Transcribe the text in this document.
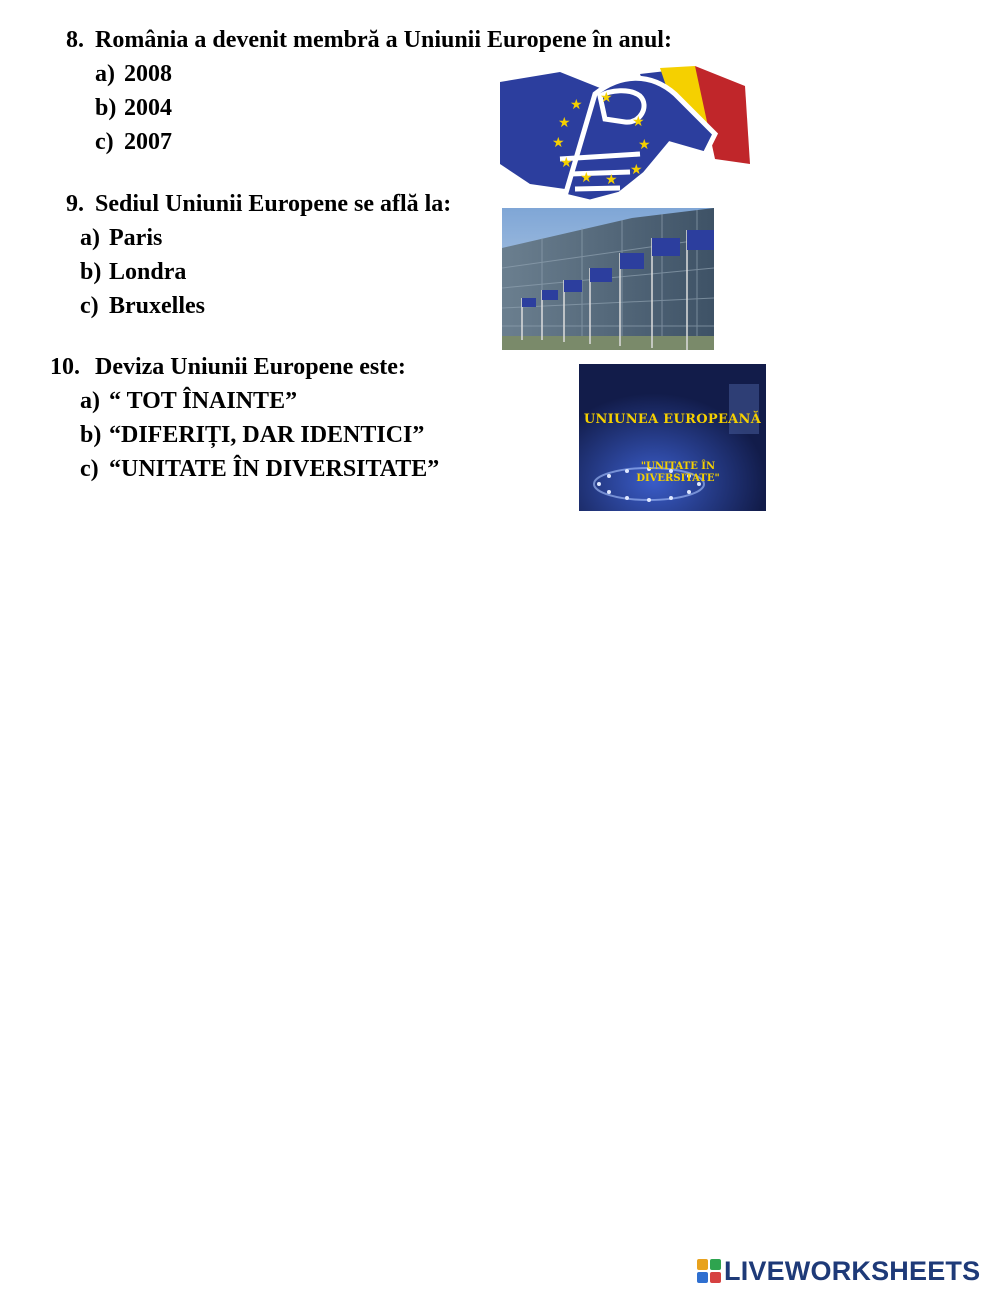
8. România a devenit membră a Uniunii Europene în anul:
a) 2008
b) 2004
c) 2007
★
★
★
★
★ ★
★
★
★
★
9. Sediul Uniunii Europene se află la:
a) Paris
b) Londra
c) Bruxelles
10. Deviza Uniunii Europene este:
a) “ TOT ÎNAINTE”
b) “DIFERIȚI, DAR IDENTICI”
c) “UNITATE ÎN DIVERSITATE”
UNIUNEA EUROPEANĂ
"UNITATE ÎN
DIVERSITATE"
LIVEWORKSHEETS
